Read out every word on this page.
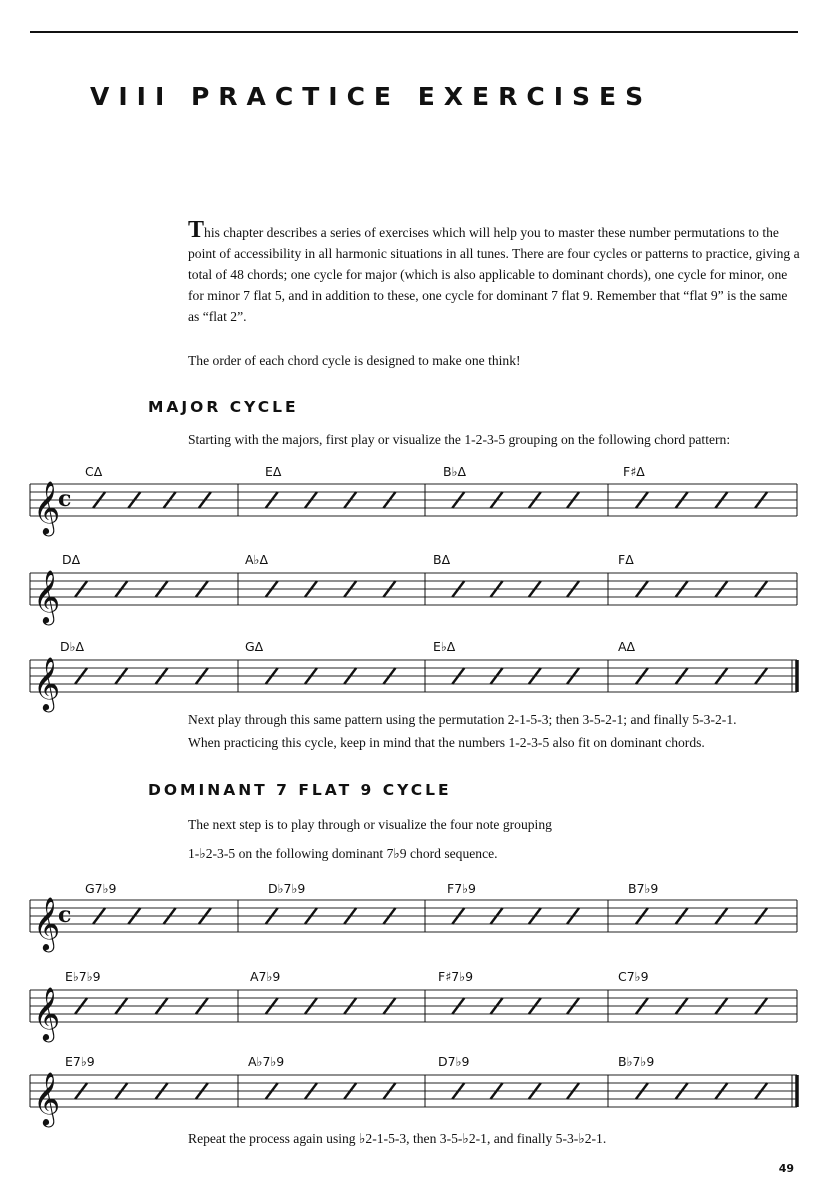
VIII PRACTICE EXERCISES
This chapter describes a series of exercises which will help you to master these number permutations to the point of accessibility in all harmonic situations in all tunes. There are four cycles or patterns to practice, giving a total of 48 chords; one cycle for major (which is also applicable to dominant chords), one cycle for minor, one for minor 7 flat 5, and in addition to these, one cycle for dominant 7 flat 9. Remember that “flat 9” is the same as “flat 2”.
The order of each chord cycle is designed to make one think!
MAJOR CYCLE
Starting with the majors, first play or visualize the 1-2-3-5 grouping on the following chord pattern:
𝄞
c
CΔ	EΔ	B♭Δ	F♯Δ
𝄞
DΔ	A♭Δ	BΔ	FΔ
𝄞
D♭Δ	GΔ	E♭Δ	AΔ
Next play through this same pattern using the permutation 2-1-5-3; then 3-5-2-1; and finally 5-3-2-1.
When practicing this cycle, keep in mind that the numbers 1-2-3-5 also fit on dominant chords.
DOMINANT 7 FLAT 9 CYCLE
The next step is to play through or visualize the four note grouping
1-♭2-3-5 on the following dominant 7♭9 chord sequence.
𝄞
c
G7♭9	D♭7♭9	F7♭9	B7♭9
𝄞
E♭7♭9	A7♭9	F♯7♭9	C7♭9
𝄞
E7♭9	A♭7♭9	D7♭9	B♭7♭9
Repeat the process again using ♭2-1-5-3, then 3-5-♭2-1, and finally 5-3-♭2-1.
49
